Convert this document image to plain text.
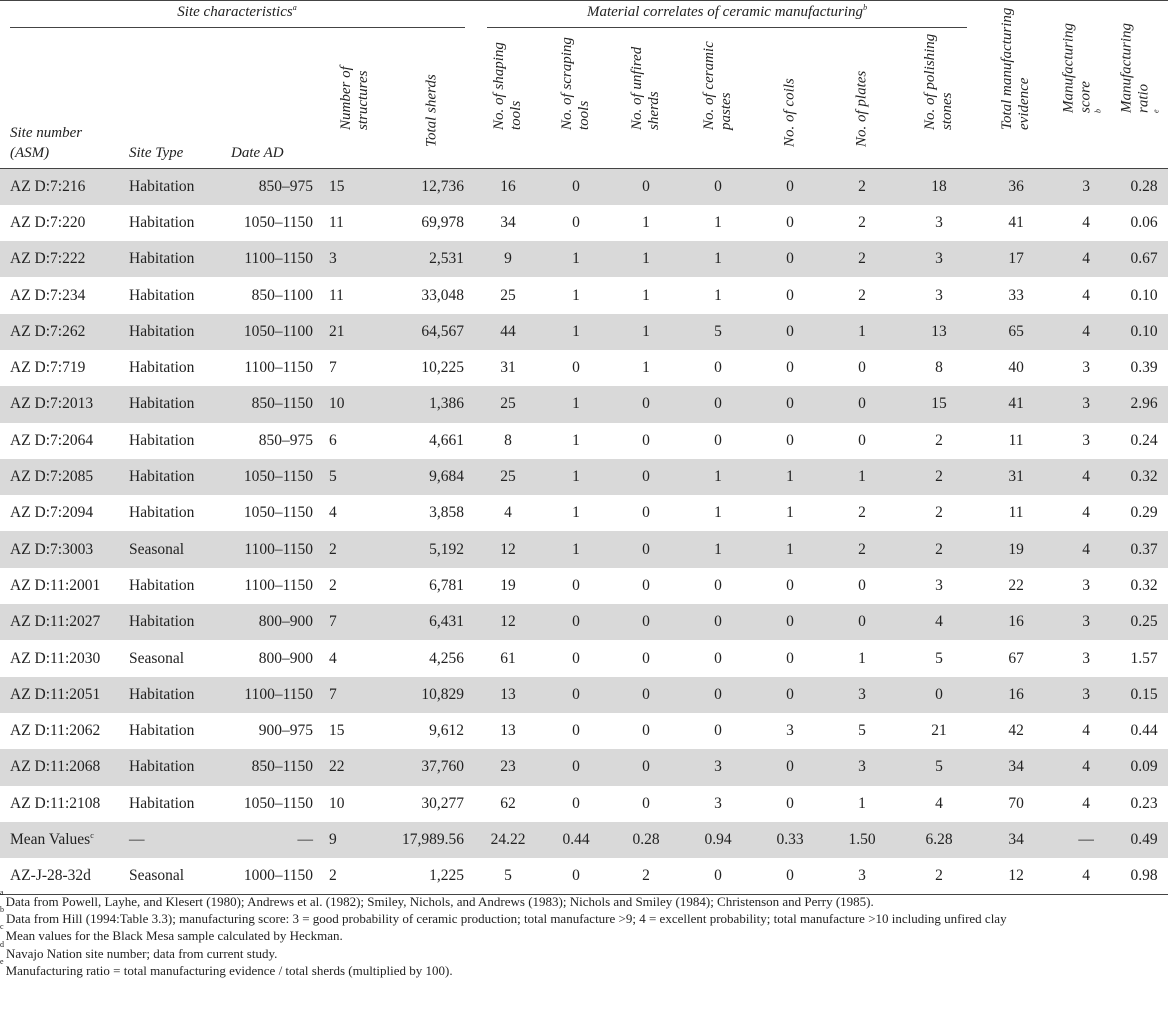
Site characteristics$^a$					Material correlates of ceramic manufacturing$^b$	
Site number
(ASM)	Site Type	Date AD	Number of structures	Total sherds	No. of shaping tools	No. of scraping tools	No. of unfired sherds	No. of ceramic pastes	No. of coils	No. of plates	No. of polishing stones	Total manufacturing evidence	Manufacturing score $^b$	Manufacturing ratio $^e$

AZ D:7:216	Habitation	850–975	15	12,736	16	0	0	0	0	2	18	36	3	0.28
AZ D:7:220	Habitation	1050–1150	11	69,978	34	0	1	1	0	2	3	41	4	0.06
AZ D:7:222	Habitation	1100–1150	3	2,531	9	1	1	1	0	2	3	17	4	0.67
AZ D:7:234	Habitation	850–1100	11	33,048	25	1	1	1	0	2	3	33	4	0.10
AZ D:7:262	Habitation	1050–1100	21	64,567	44	1	1	5	0	1	13	65	4	0.10
AZ D:7:719	Habitation	1100–1150	7	10,225	31	0	1	0	0	0	8	40	3	0.39
AZ D:7:2013	Habitation	850–1150	10	1,386	25	1	0	0	0	0	15	41	3	2.96
AZ D:7:2064	Habitation	850–975	6	4,661	8	1	0	0	0	0	2	11	3	0.24
AZ D:7:2085	Habitation	1050–1150	5	9,684	25	1	0	1	1	1	2	31	4	0.32
AZ D:7:2094	Habitation	1050–1150	4	3,858	4	1	0	1	1	2	2	11	4	0.29
AZ D:7:3003	Seasonal	1100–1150	2	5,192	12	1	0	1	1	2	2	19	4	0.37
AZ D:11:2001	Habitation	1100–1150	2	6,781	19	0	0	0	0	0	3	22	3	0.32
AZ D:11:2027	Habitation	800–900	7	6,431	12	0	0	0	0	0	4	16	3	0.25
AZ D:11:2030	Seasonal	800–900	4	4,256	61	0	0	0	0	1	5	67	3	1.57
AZ D:11:2051	Habitation	1100–1150	7	10,829	13	0	0	0	0	3	0	16	3	0.15
AZ D:11:2062	Habitation	900–975	15	9,612	13	0	0	0	3	5	21	42	4	0.44
AZ D:11:2068	Habitation	850–1150	22	37,760	23	0	0	3	0	3	5	34	4	0.09
AZ D:11:2108	Habitation	1050–1150	10	30,277	62	0	0	3	0	1	4	70	4	0.23
Mean Values$^c$	—	—	9	17,989.56	24.22	0.44	0.28	0.94	0.33	1.50	6.28	34	—	0.49
AZ-J-28-32d	Seasonal	1000–1150	2	1,225	5	0	2	0	0	3	2	12	4	0.98

$^a$Data from Powell, Layhe, and Klesert (1980); Andrews et al. (1982); Smiley, Nichols, and Andrews (1983); Nichols and Smiley (1984); Christenson and Perry (1985).

$^b$Data from Hill (1994:Table 3.3); manufacturing score: 3 = good probability of ceramic production; total manufacture >9; 4 = excellent probability; total manufacture >10 including unfired clay

$^c$Mean values for the Black Mesa sample calculated by Heckman.

$^d$Navajo Nation site number; data from current study.

$^e$Manufacturing ratio = total manufacturing evidence / total sherds (multiplied by 100).
